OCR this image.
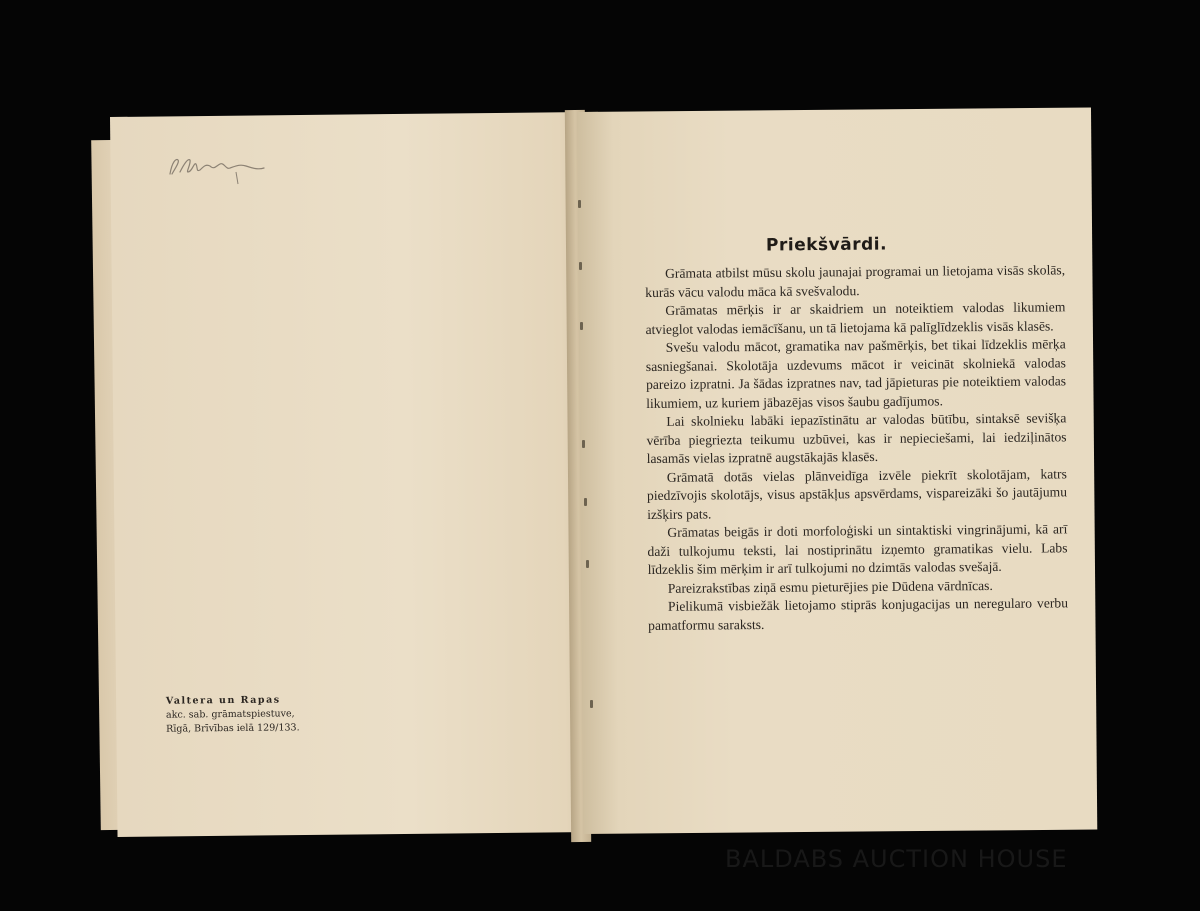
Valtera un Rapas
akc. sab. grāmatspiestuve,
Rīgā, Brīvības ielā 129/133.
Priekšvārdi.

Grāmata atbilst mūsu skolu jaunajai programai un lietojama visās skolās, kurās vācu valodu māca kā svešvalodu.

Grāmatas mērķis ir ar skaidriem un noteiktiem valodas likumiem atvieglot valodas iemācīšanu, un tā lietojama kā palīglīdzeklis visās klasēs.

Svešu valodu mācot, gramatika nav pašmērķis, bet tikai līdzeklis mērķa sasniegšanai. Skolotāja uzdevums mācot ir veicināt skolniekā valodas pareizo izpratni. Ja šādas izpratnes nav, tad jāpieturas pie noteiktiem valodas likumiem, uz kuriem jābazējas visos šaubu gadījumos.

Lai skolnieku labāki iepazīstinātu ar valodas būtību, sintaksē sevišķa vērība piegriezta teikumu uzbūvei, kas ir nepieciešami, lai iedziļinātos lasamās vielas izpratnē augstākajās klasēs.

Grāmatā dotās vielas plānveidīga izvēle piekrīt skolotājam, katrs piedzīvojis skolotājs, visus apstākļus apsvērdams, vispareizāki šo jautājumu izšķirs pats.

Grāmatas beigās ir doti morfoloģiski un sintaktiski vingrinājumi, kā arī daži tulkojumu teksti, lai nostiprinātu izņemto gramatikas vielu. Labs līdzeklis šim mērķim ir arī tulkojumi no dzimtās valodas svešajā.

Pareizrakstības ziņā esmu pieturējies pie Dūdena vārdnīcas.

Pielikumā visbiežāk lietojamo stiprās konjugacijas un neregularo verbu pamatformu saraksts.

BALDABS AUCTION HOUSE
